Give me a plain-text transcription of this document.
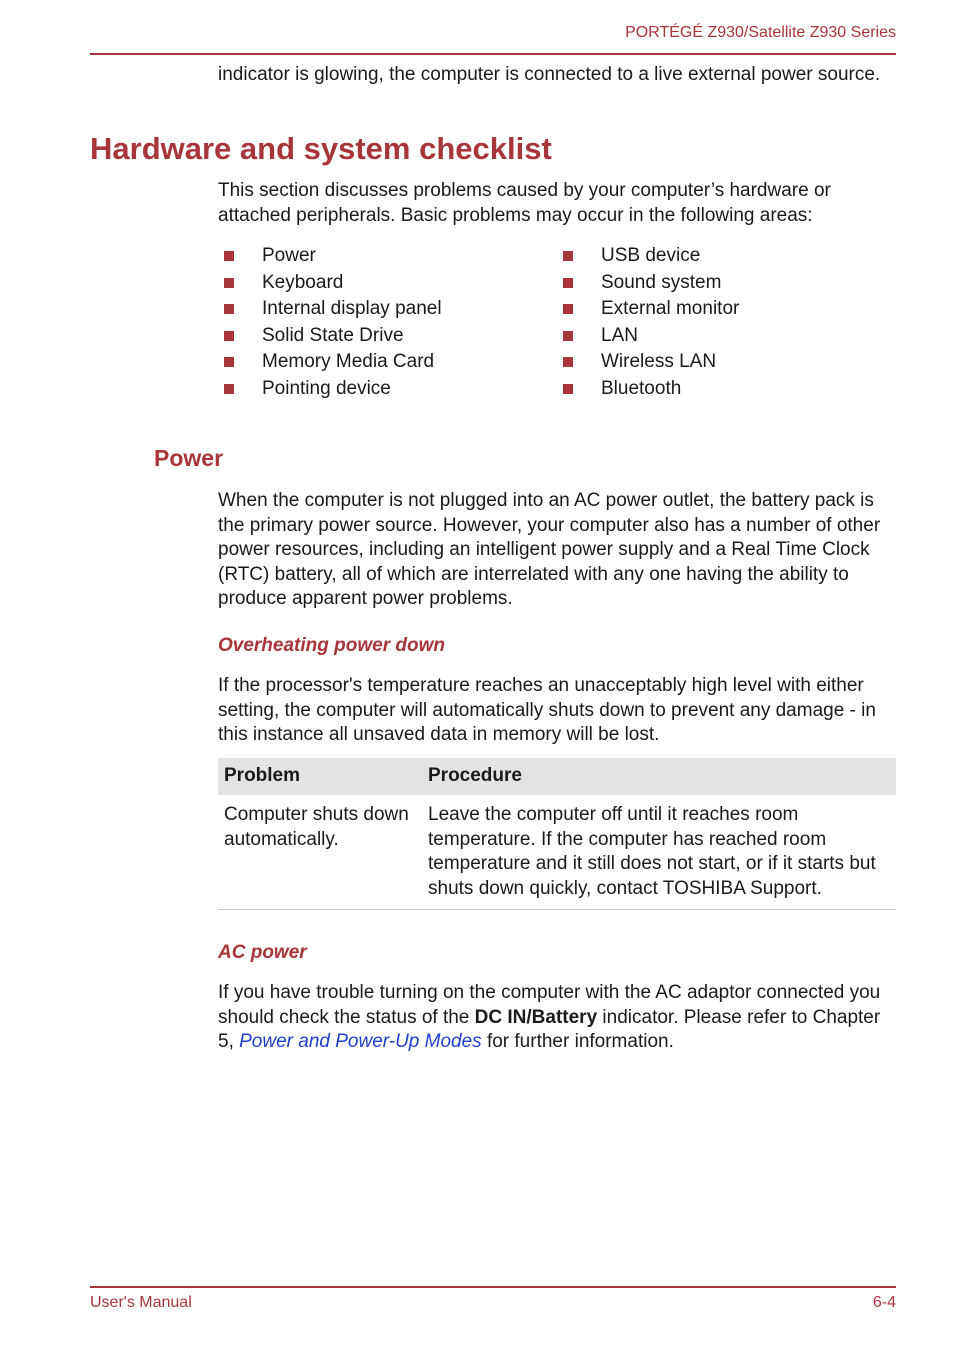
PORTÉGÉ Z930/Satellite Z930 Series
indicator is glowing, the computer is connected to a live external power source.
Hardware and system checklist
This section discusses problems caused by your computer’s hardware or attached peripherals. Basic problems may occur in the following areas:
Power
Keyboard
Internal display panel
Solid State Drive
Memory Media Card
Pointing device
USB device
Sound system
External monitor
LAN
Wireless LAN
Bluetooth
Power
When the computer is not plugged into an AC power outlet, the battery pack is the primary power source. However, your computer also has a number of other power resources, including an intelligent power supply and a Real Time Clock (RTC) battery, all of which are interrelated with any one having the ability to produce apparent power problems.
Overheating power down
If the processor's temperature reaches an unacceptably high level with either setting, the computer will automatically shuts down to prevent any damage - in this instance all unsaved data in memory will be lost.
Problem	Procedure
Computer shuts down automatically.	Leave the computer off until it reaches room temperature. If the computer has reached room temperature and it still does not start, or if it starts but shuts down quickly, contact TOSHIBA Support.
AC power
If you have trouble turning on the computer with the AC adaptor connected you should check the status of the DC IN/Battery indicator. Please refer to Chapter 5, Power and Power-Up Modes for further information.
User's Manual	6-4
